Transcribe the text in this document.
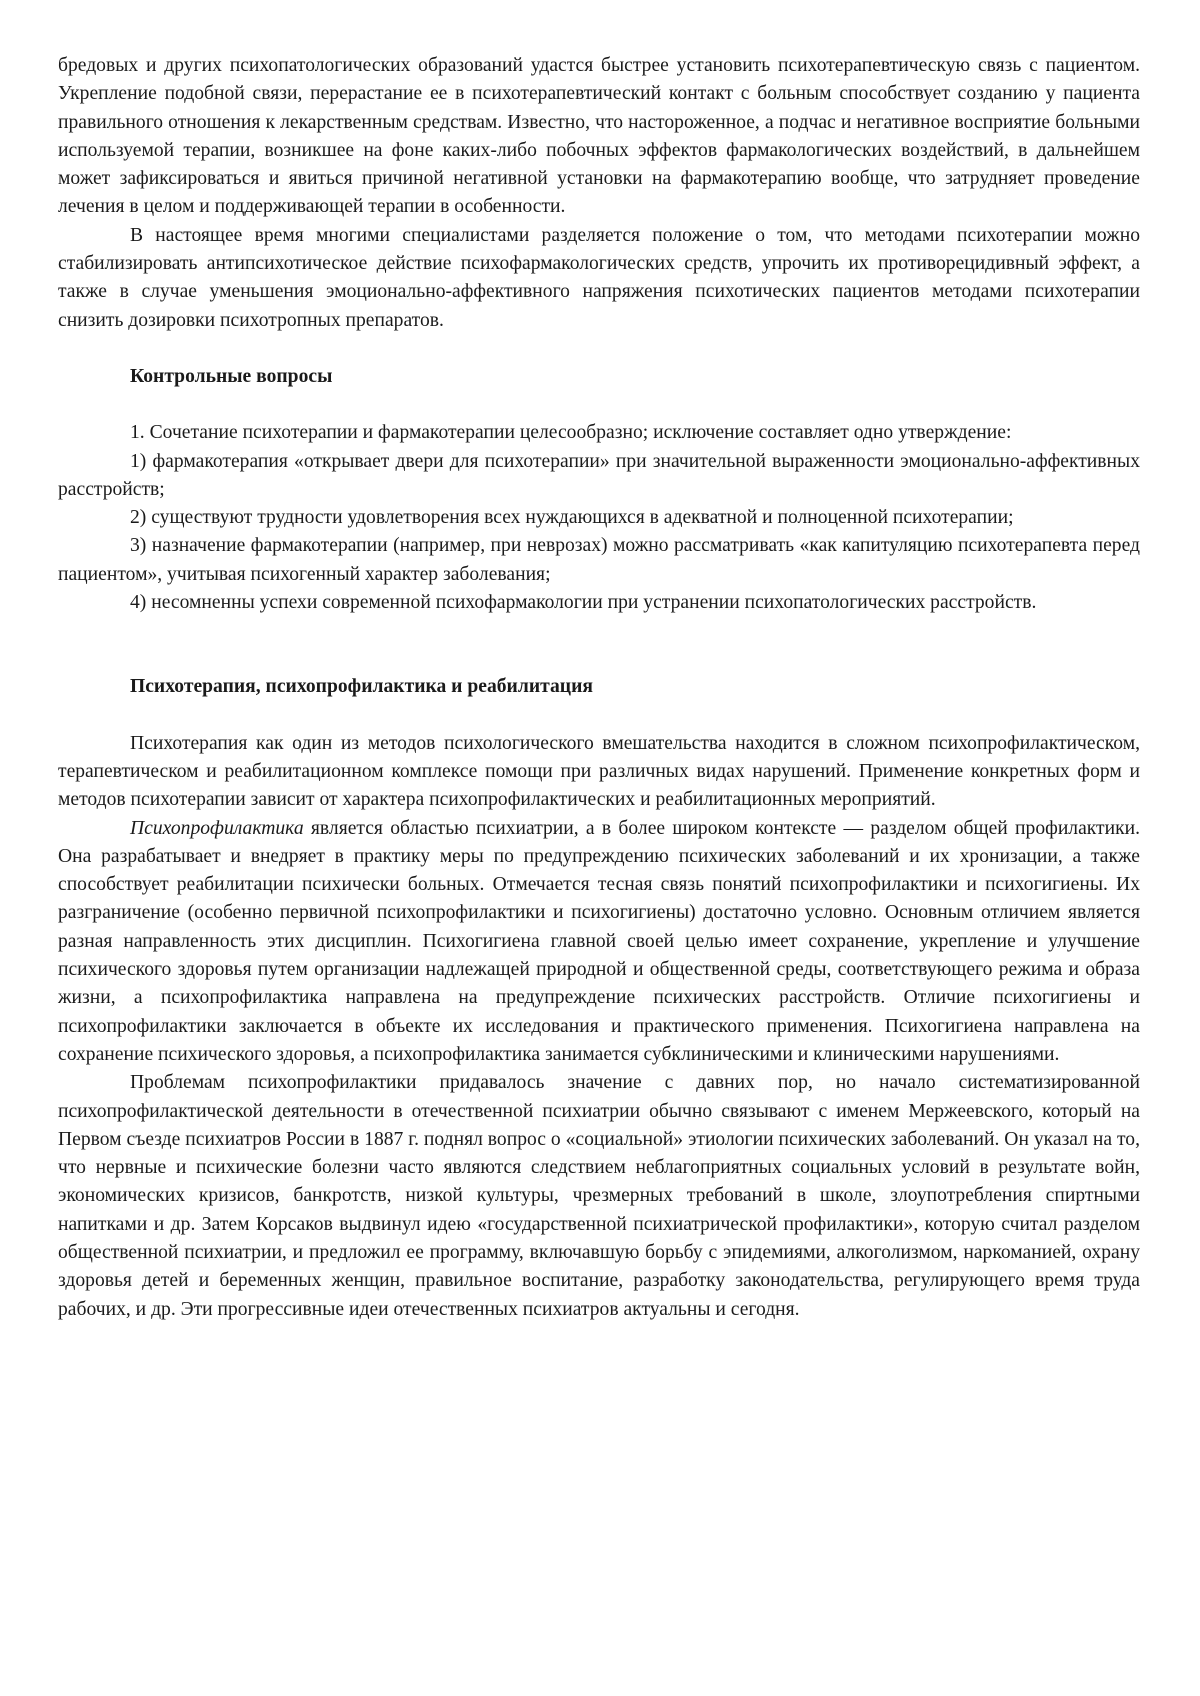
бредовых и других психопатологических образований удастся быстрее установить психотерапевтическую связь с пациентом. Укрепление подобной связи, перерастание ее в психотерапевтический контакт с больным способствует созданию у пациента правильного отношения к лекарственным средствам. Известно, что настороженное, а подчас и негативное восприятие больными используемой терапии, возникшее на фоне каких-либо побочных эффектов фармакологических воздействий, в дальнейшем может зафиксироваться и явиться причиной негативной установки на фармакотерапию вообще, что затрудняет проведение лечения в целом и поддерживающей терапии в особенности.

В настоящее время многими специалистами разделяется положение о том, что методами психотерапии можно стабилизировать антипсихотическое действие психофармакологических средств, упрочить их противорецидивный эффект, а также в случае уменьшения эмоционально-аффективного напряжения психотических пациентов методами психотерапии снизить дозировки психотропных препаратов.

Контрольные вопросы

1. Сочетание психотерапии и фармакотерапии целесообразно; исключение составляет одно утверждение:

1) фармакотерапия «открывает двери для психотерапии» при значительной выраженности эмоционально-аффективных расстройств;

2) существуют трудности удовлетворения всех нуждающихся в адекватной и полноценной психотерапии;

3) назначение фармакотерапии (например, при неврозах) можно рассматривать «как капитуляцию психотерапевта перед пациентом», учитывая психогенный характер заболевания;

4) несомненны успехи современной психофармакологии при устранении психопатологических расстройств.

Психотерапия, психопрофилактика и реабилитация

Психотерапия как один из методов психологического вмешательства находится в сложном психопрофилактическом, терапевтическом и реабилитационном комплексе помощи при различных видах нарушений. Применение конкретных форм и методов психотерапии зависит от характера психопрофилактических и реабилитационных мероприятий.

Психопрофилактика является областью психиатрии, а в более широком контексте — разделом общей профилактики. Она разрабатывает и внедряет в практику меры по предупреждению психических заболеваний и их хронизации, а также способствует реабилитации психически больных. Отмечается тесная связь понятий психопрофилактики и психогигиены. Их разграничение (особенно первичной психопрофилактики и психогигиены) достаточно условно. Основным отличием является разная направленность этих дисциплин. Психогигиена главной своей целью имеет сохранение, укрепление и улучшение психического здоровья путем организации надлежащей природной и общественной среды, соответствующего режима и образа жизни, а психопрофилактика направлена на предупреждение психических расстройств. Отличие психогигиены и психопрофилактики заключается в объекте их исследования и практического применения. Психогигиена направлена на сохранение психического здоровья, а психопрофилактика занимается субклиническими и клиническими нарушениями.

Проблемам психопрофилактики придавалось значение с давних пор, но начало систематизированной психопрофилактической деятельности в отечественной психиатрии обычно связывают с именем Мержеевского, который на Первом съезде психиатров России в 1887 г. поднял вопрос о «социальной» этиологии психических заболеваний. Он указал на то, что нервные и психические болезни часто являются следствием неблагоприятных социальных условий в результате войн, экономических кризисов, банкротств, низкой культуры, чрезмерных требований в школе, злоупотребления спиртными напитками и др. Затем Корсаков выдвинул идею «государственной психиатрической профилактики», которую считал разделом общественной психиатрии, и предложил ее программу, включавшую борьбу с эпидемиями, алкоголизмом, наркоманией, охрану здоровья детей и беременных женщин, правильное воспитание, разработку законодательства, регулирующего время труда рабочих, и др. Эти прогрессивные идеи отечественных психиатров актуальны и сегодня.
